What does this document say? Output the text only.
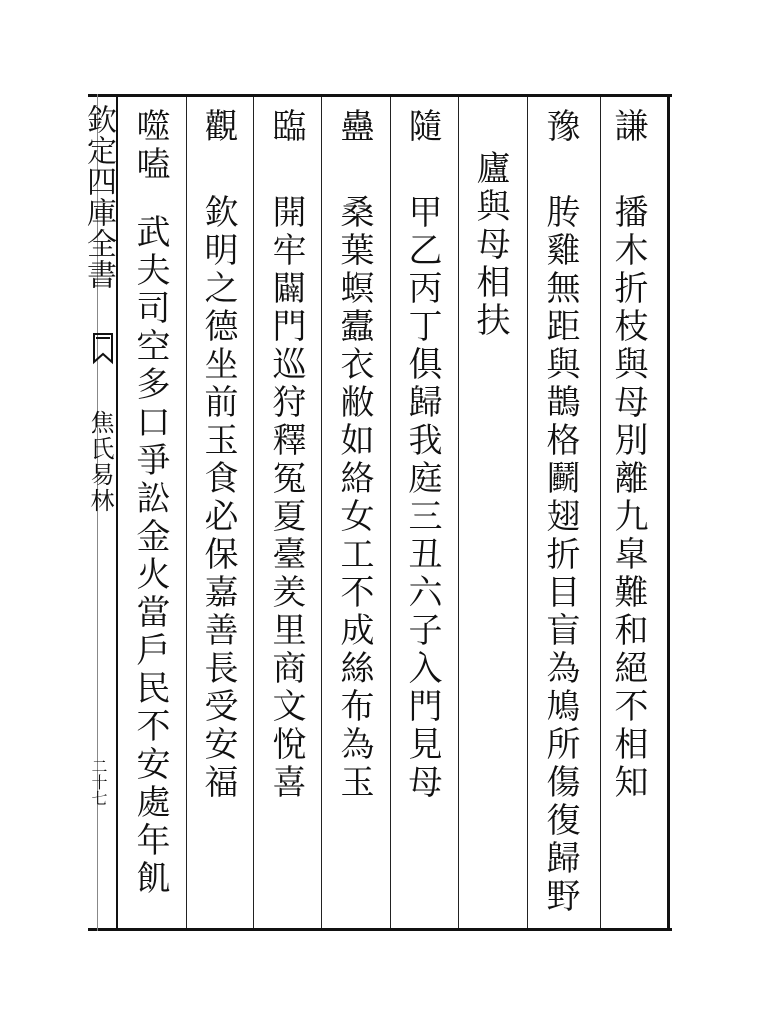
欽定四庫全書
焦氏易林
二十七
謙播木折枝與母別離九皐難和絕不相知
豫䏝雞無距與鵲格鬬翅折目盲為鳩所傷復歸野
廬與母相扶
隨甲乙丙丁俱歸我庭三丑六子入門見母
蠱桑葉螟蠹衣敝如絡女工不成絲布為玉
臨開牢闢門巡狩釋冤夏臺羑里商文悅喜
觀欽明之德坐前玉食必保嘉善長受安福
噬嗑武夫司空多口爭訟金火當戶民不安處年飢
